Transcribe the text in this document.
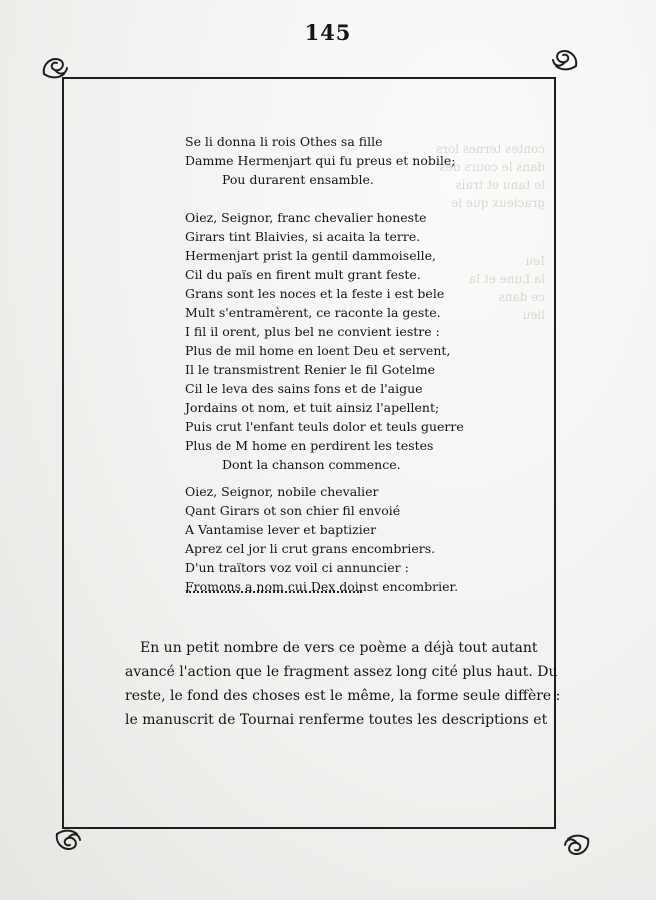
145
contes ternes lors
dans le cours des
le tanu et trais
gracieux que le
Ieu
la Lune et la
ce dans
lieu
Se li donna li rois Othes sa fille
Damme Hermenjart qui fu preus et nobile;
Pou durarent ensamble.
Oiez, Seignor, franc chevalier honeste
Girars tint Blaivies, si acaita la terre.
Hermenjart prist la gentil dammoiselle,
Cil du païs en firent mult grant feste.
Grans sont les noces et la feste i est bele
Mult s'entramèrent, ce raconte la geste.
I fil il orent, plus bel ne convient iestre :
Plus de mil home en loent Deu et servent,
Il le transmistrent Renier le fil Gotelme
Cil le leva des sains fons et de l'aigue
Jordains ot nom, et tuit ainsiz l'apellent;
Puis crut l'enfant teuls dolor et teuls guerre
Plus de M home en perdirent les testes
Dont la chanson commence.
Oiez, Seignor, nobile chevalier
Qant Girars ot son chier fil envoié
A Vantamise lever et baptizier
Aprez cel jor li crut grans encombriers.
D'un traïtors voz voil ci annuncier :
Fromons a nom cui Dex doinst encombrier.
En un petit nombre de vers ce poème a déjà tout autant
avancé l'action que le fragment assez long cité plus haut. Du
reste, le fond des choses est le même, la forme seule diffère :
le manuscrit de Tournai renferme toutes les descriptions et
